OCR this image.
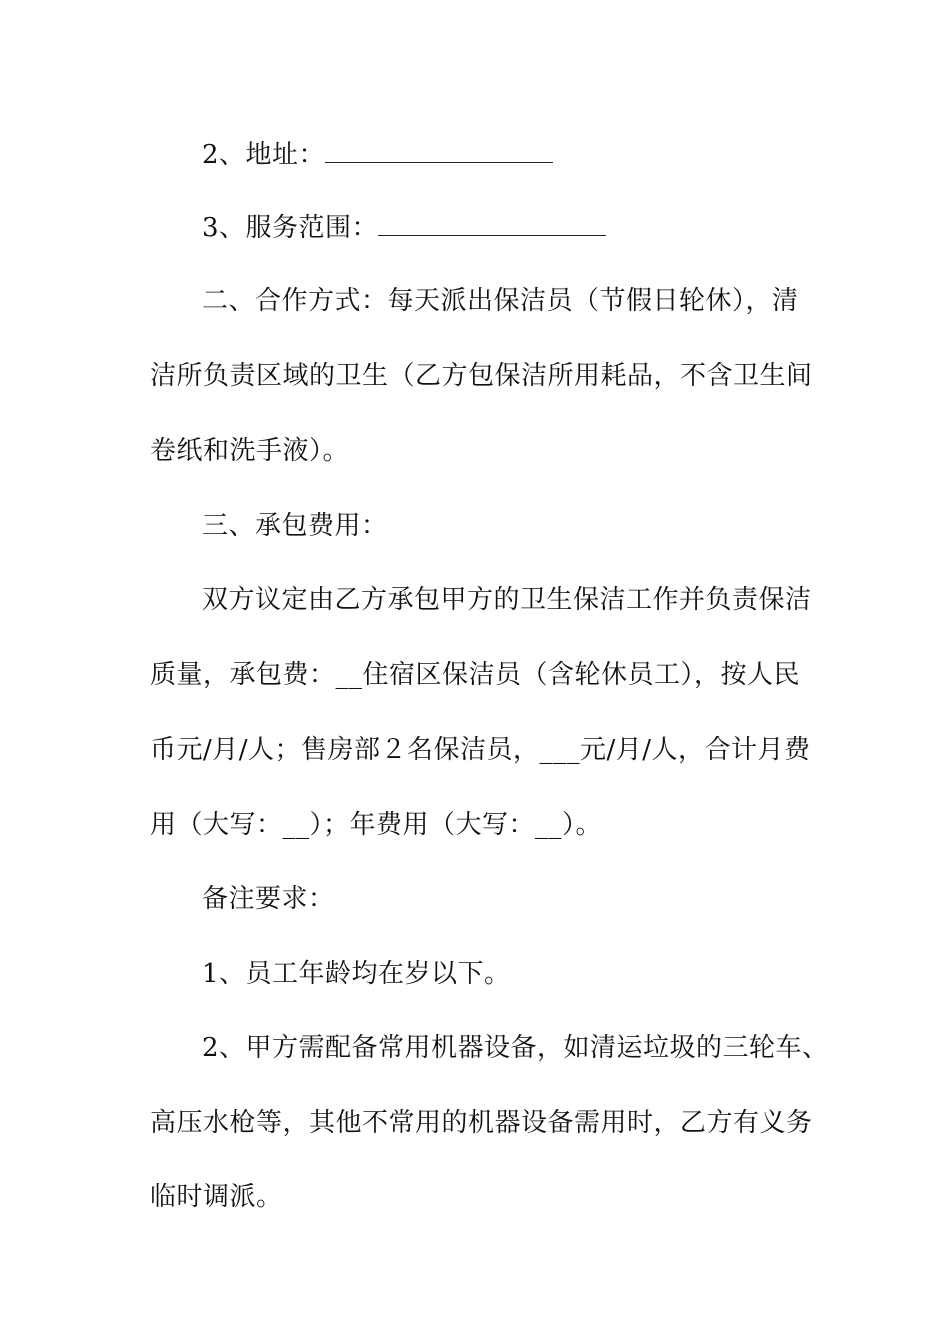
2、地址：
3、服务范围：
二、合作方式：每天派出保洁员（节假日轮休），清
洁所负责区域的卫生（乙方包保洁所用耗品，不含卫生间
卷纸和洗手液）。
三、承包费用：
双方议定由乙方承包甲方的卫生保洁工作并负责保洁
质量，承包费：__住宿区保洁员（含轮休员工），按人民
币元/月/人；售房部２名保洁员，___元/月/人，合计月费
用（大写：__）；年费用（大写：__）。
备注要求：
1、员工年龄均在岁以下。
2、甲方需配备常用机器设备，如清运垃圾的三轮车、
高压水枪等，其他不常用的机器设备需用时，乙方有义务
临时调派。
